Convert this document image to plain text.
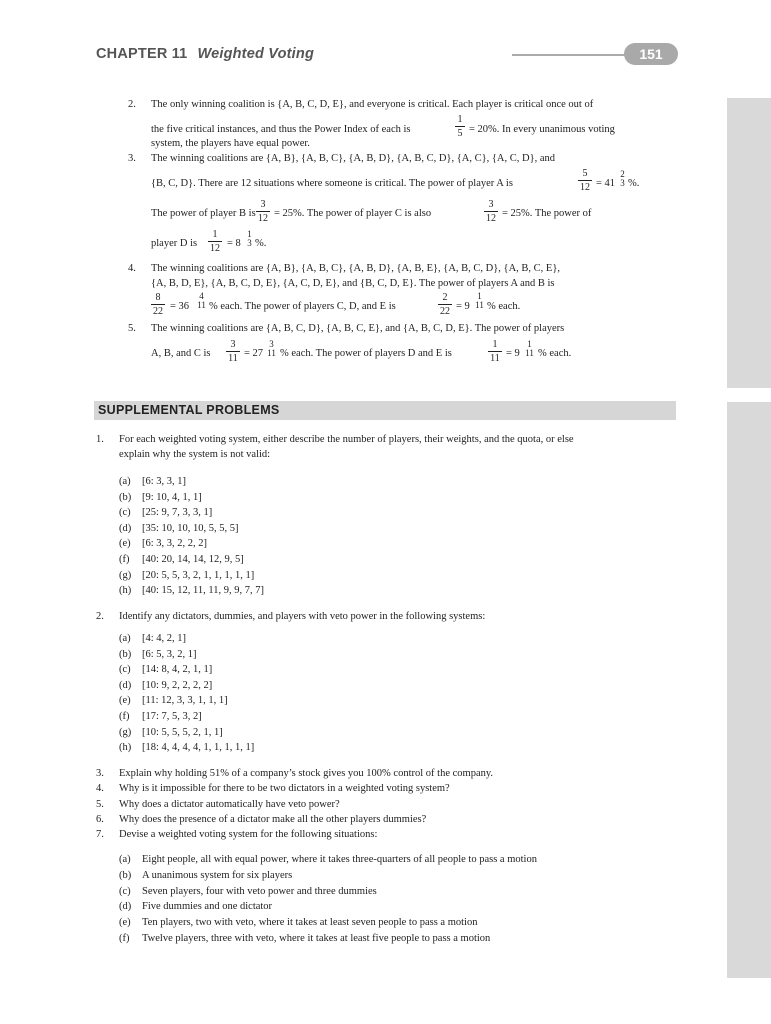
CHAPTER 11 Weighted Voting	151
2. The only winning coalition is {A, B, C, D, E}, and everyone is critical. Each player is critical once out of
the five critical instances, and thus the Power Index of each is
1
5 = 20%. In every unanimous voting
system, the players have equal power.
3. The winning coalitions are {A, B}, {A, B, C}, {A, B, D}, {A, B, C, D}, {A, C}, {A, C, D}, and
{B, C, D}. There are 12 situations where someone is critical. The power of player A is
5
12 = 41
2
3 %.
The power of player B is
3
12 = 25%. The power of player C is also
3
12 = 25%. The power of
player D is
1
12 = 8
1
3 %.
4. The winning coalitions are {A, B}, {A, B, C}, {A, B, D}, {A, B, E}, {A, B, C, D}, {A, B, C, E},
{A, B, D, E}, {A, B, C, D, E}, {A, C, D, E}, and {B, C, D, E}. The power of players A and B is
8
22 = 36
4
11 % each. The power of players C, D, and E is
2
22 = 9
1
11 % each.
5. The winning coalitions are {A, B, C, D}, {A, B, C, E}, and {A, B, C, D, E}. The power of players
A, B, and C is
3
11 = 27
3
11 % each. The power of players D and E is
1
11 = 9
1
11 % each.
SUPPLEMENTAL PROBLEMS
1. For each weighted voting system, either describe the number of players, their weights, and the quota, or else
explain why the system is not valid:
(a) [6: 3, 3, 1]
(b) [9: 10, 4, 1, 1]
(c) [25: 9, 7, 3, 3, 1]
(d) [35: 10, 10, 10, 5, 5, 5]
(e) [6: 3, 3, 2, 2, 2]
(f) [40: 20, 14, 14, 12, 9, 5]
(g) [20: 5, 5, 3, 2, 1, 1, 1, 1, 1]
(h) [40: 15, 12, 11, 11, 9, 9, 7, 7]
2. Identify any dictators, dummies, and players with veto power in the following systems:
(a) [4: 4, 2, 1]
(b) [6: 5, 3, 2, 1]
(c) [14: 8, 4, 2, 1, 1]
(d) [10: 9, 2, 2, 2, 2]
(e) [11: 12, 3, 3, 1, 1, 1]
(f) [17: 7, 5, 3, 2]
(g) [10: 5, 5, 5, 2, 1, 1]
(h) [18: 4, 4, 4, 4, 1, 1, 1, 1, 1]
3. Explain why holding 51% of a company’s stock gives you 100% control of the company.
4. Why is it impossible for there to be two dictators in a weighted voting system?
5. Why does a dictator automatically have veto power?
6. Why does the presence of a dictator make all the other players dummies?
7. Devise a weighted voting system for the following situations:
(a) Eight people, all with equal power, where it takes three-quarters of all people to pass a motion
(b) A unanimous system for six players
(c) Seven players, four with veto power and three dummies
(d) Five dummies and one dictator
(e) Ten players, two with veto, where it takes at least seven people to pass a motion
(f) Twelve players, three with veto, where it takes at least five people to pass a motion
